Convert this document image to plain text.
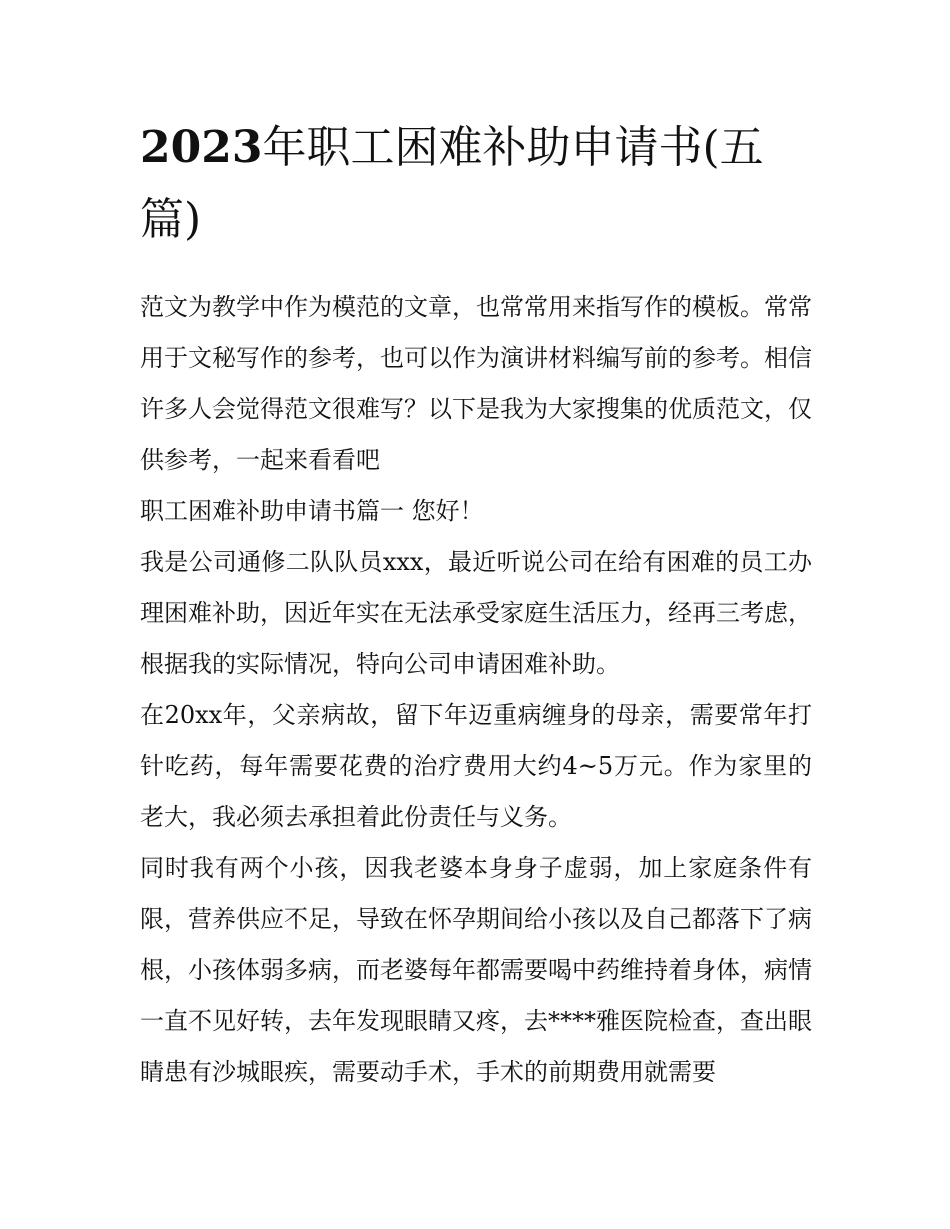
2023年职工困难补助申请书(五篇)

范文为教学中作为模范的文章，也常常用来指写作的模板。常常用于文秘写作的参考，也可以作为演讲材料编写前的参考。相信许多人会觉得范文很难写？以下是我为大家搜集的优质范文，仅供参考，一起来看看吧

职工困难补助申请书篇一 您好！

我是公司通修二队队员xxx，最近听说公司在给有困难的员工办理困难补助，因近年实在无法承受家庭生活压力，经再三考虑，根据我的实际情况，特向公司申请困难补助。

在20xx年，父亲病故，留下年迈重病缠身的母亲，需要常年打针吃药，每年需要花费的治疗费用大约4~5万元。作为家里的老大，我必须去承担着此份责任与义务。

同时我有两个小孩，因我老婆本身身子虚弱，加上家庭条件有限，营养供应不足，导致在怀孕期间给小孩以及自己都落下了病根，小孩体弱多病，而老婆每年都需要喝中药维持着身体，病情一直不见好转，去年发现眼睛又疼，去****雅医院检查，查出眼睛患有沙城眼疾，需要动手术，手术的前期费用就需要
